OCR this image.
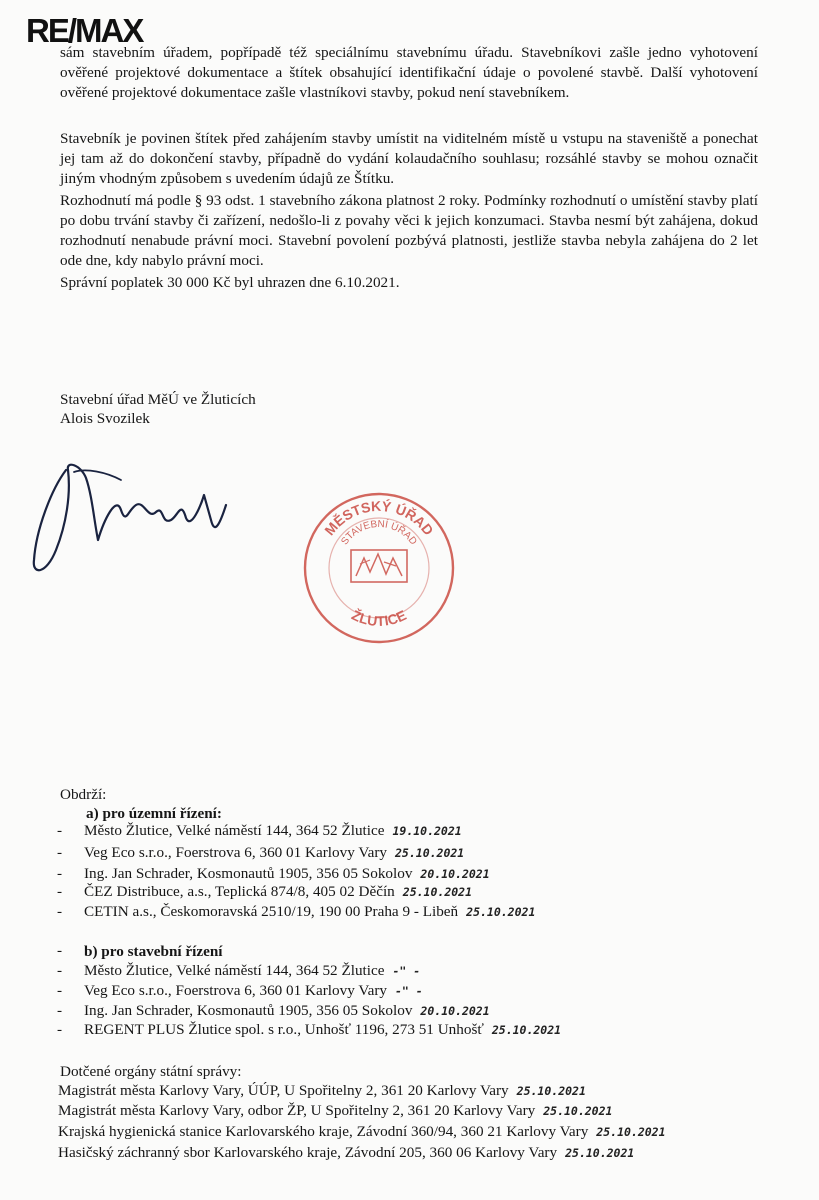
RE/MAX
sám stavebním úřadem, popřípadě též speciálnímu stavebnímu úřadu. Stavebníkovi zašle jedno vyhotovení ověřené projektové dokumentace a štítek obsahující identifikační údaje o povolené stavbě. Další vyhotovení ověřené projektové dokumentace zašle vlastníkovi stavby, pokud není stavebníkem.
Stavebník je povinen štítek před zahájením stavby umístit na viditelném místě u vstupu na staveniště a ponechat jej tam až do dokončení stavby, případně do vydání kolaudačního souhlasu; rozsáhlé stavby se mohou označit jiným vhodným způsobem s uvedením údajů ze Štítku.
Rozhodnutí má podle § 93 odst. 1 stavebního zákona platnost 2 roky. Podmínky rozhodnutí o umístění stavby platí po dobu trvání stavby či zařízení, nedošlo-li z povahy věci k jejich konzumaci. Stavba nesmí být zahájena, dokud rozhodnutí nenabude právní moci. Stavební povolení pozbývá platnosti, jestliže stavba nebyla zahájena do 2 let ode dne, kdy nabylo právní moci.
Správní poplatek 30 000 Kč byl uhrazen dne 6.10.2021.
Stavební úřad MěÚ ve Žluticích
Alois Svozilek
MĚSTSKÝ ÚŘAD
STAVEBNÍ ÚŘAD
ŽLUTICE
Obdrží:
a) pro územní řízení:
- Město Žlutice, Velké náměstí 144, 364 52 Žlutice 19.10.2021
- Veg Eco s.r.o., Foerstrova 6, 360 01 Karlovy Vary 25.10.2021
- Ing. Jan Schrader, Kosmonautů 1905, 356 05 Sokolov 20.10.2021
- ČEZ Distribuce, a.s., Teplická 874/8, 405 02 Děčín 25.10.2021
- CETIN a.s., Českomoravská 2510/19, 190 00 Praha 9 - Libeň 25.10.2021
- b) pro stavební řízení
- Město Žlutice, Velké náměstí 144, 364 52 Žlutice -" -
- Veg Eco s.r.o., Foerstrova 6, 360 01 Karlovy Vary -" -
- Ing. Jan Schrader, Kosmonautů 1905, 356 05 Sokolov 20.10.2021
- REGENT PLUS Žlutice spol. s r.o., Unhošť 1196, 273 51 Unhošť 25.10.2021
Dotčené orgány státní správy:
Magistrát města Karlovy Vary, ÚÚP, U Spořitelny 2, 361 20 Karlovy Vary 25.10.2021
Magistrát města Karlovy Vary, odbor ŽP, U Spořitelny 2, 361 20 Karlovy Vary 25.10.2021
Krajská hygienická stanice Karlovarského kraje, Závodní 360/94, 360 21 Karlovy Vary 25.10.2021
Hasičský záchranný sbor Karlovarského kraje, Závodní 205, 360 06 Karlovy Vary 25.10.2021
